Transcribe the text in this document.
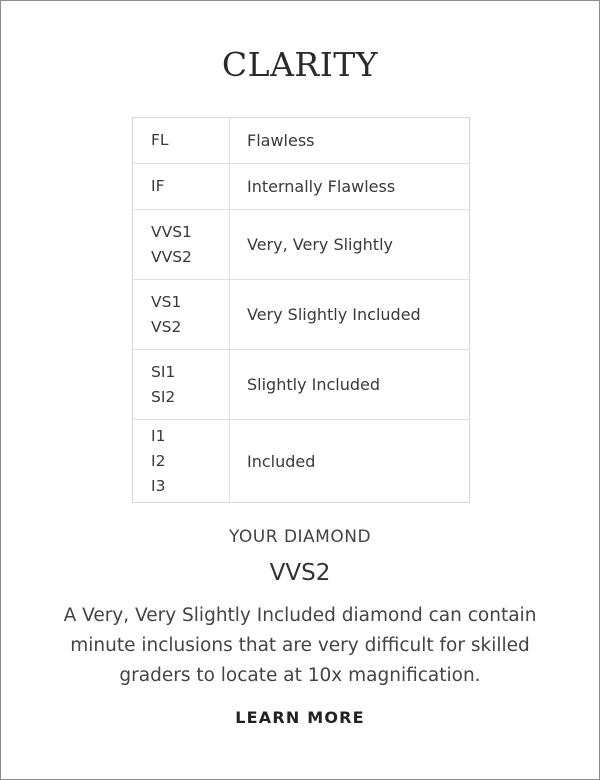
CLARITY
FL	Flawless
IF	Internally Flawless
VVS1
VVS2
Very, Very Slightly
VS1
VS2
Very Slightly Included
SI1
SI2
Slightly Included
I1
I2
I3
Included
YOUR DIAMOND
VVS2
A Very, Very Slightly Included diamond can contain minute inclusions that are very difficult for skilled graders to locate at 10x magnification.
LEARN MORE
